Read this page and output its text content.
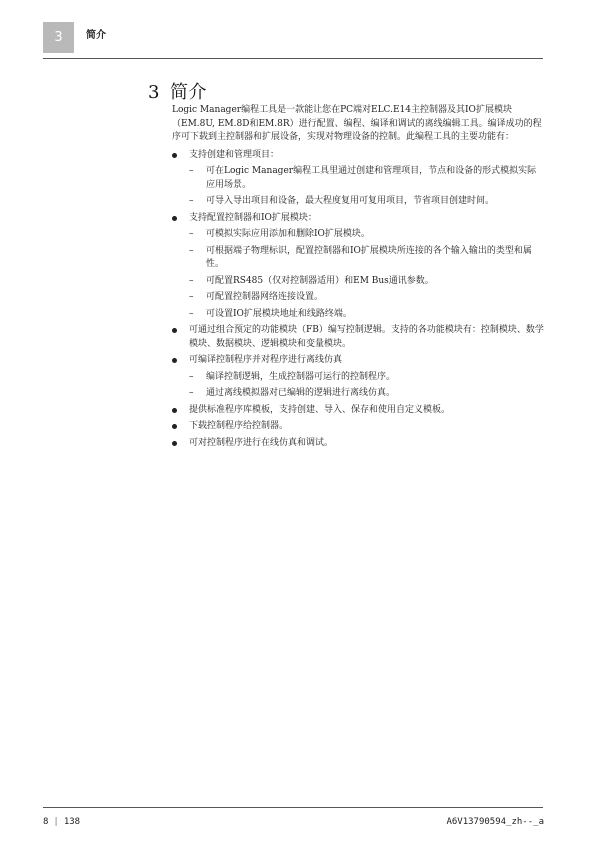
3 简介
3 简介

Logic Manager编程工具是一款能让您在PC端对ELC.E14主控制器及其IO扩展模块（EM.8U, EM.8D和EM.8R）进行配置、编程、编译和调试的离线编辑工具。编译成功的程序可下载到主控制器和扩展设备，实现对物理设备的控制。此编程工具的主要功能有：

支持创建和管理项目：
– 可在Logic Manager编程工具里通过创建和管理项目，节点和设备的形式模拟实际应用场景。
– 可导入导出项目和设备，最大程度复用可复用项目，节省项目创建时间。
支持配置控制器和IO扩展模块：
– 可模拟实际应用添加和删除IO扩展模块。
– 可根据端子物理标识，配置控制器和IO扩展模块所连接的各个输入输出的类型和属性。
– 可配置RS485（仅对控制器适用）和EM Bus通讯参数。
– 可配置控制器网络连接设置。
– 可设置IO扩展模块地址和线路终端。
可通过组合预定的功能模块（FB）编写控制逻辑。支持的各功能模块有：控制模块、数学模块、数据模块、逻辑模块和变量模块。
可编译控制程序并对程序进行离线仿真
– 编译控制逻辑，生成控制器可运行的控制程序。
– 通过离线模拟器对已编辑的逻辑进行离线仿真。
提供标准程序库模板，支持创建、导入、保存和使用自定义模板。
下载控制程序给控制器。
可对控制程序进行在线仿真和调试。
8 | 138	A6V13790594_zh--_a
